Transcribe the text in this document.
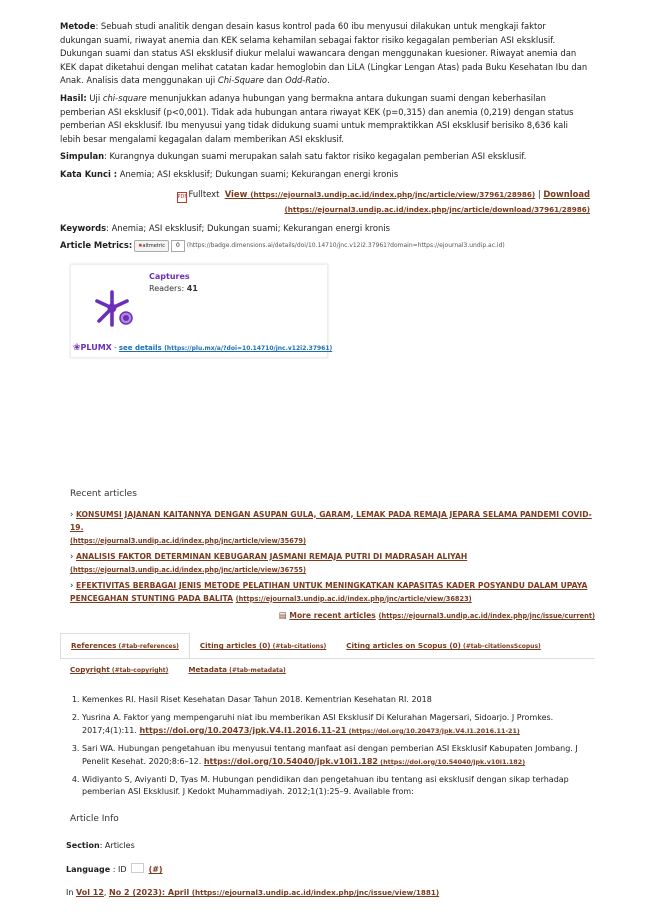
Metode: Sebuah studi analitik dengan desain kasus kontrol pada 60 ibu menyusui dilakukan untuk mengkaji faktor dukungan suami, riwayat anemia dan KEK selama kehamilan sebagai faktor risiko kegagalan pemberian ASI eksklusif. Dukungan suami dan status ASI eksklusif diukur melalui wawancara dengan menggunakan kuesioner. Riwayat anemia dan KEK dapat diketahui dengan melihat catatan kadar hemoglobin dan LiLA (Lingkar Lengan Atas) pada Buku Kesehatan Ibu dan Anak. Analisis data menggunakan uji Chi-Square dan Odd-Ratio.

Hasil: Uji chi-square menunjukkan adanya hubungan yang bermakna antara dukungan suami dengan keberhasilan pemberian ASI eksklusif (p<0,001). Tidak ada hubungan antara riwayat KEK (p=0,315) dan anemia (0,219) dengan status pemberian ASI eksklusif. Ibu menyusui yang tidak didukung suami untuk mempraktikkan ASI eksklusif berisiko 8,636 kali lebih besar mengalami kegagalan dalam memberikan ASI eksklusif.

Simpulan: Kurangnya dukungan suami merupakan salah satu faktor risiko kegagalan pemberian ASI eksklusif.

Kata Kunci : Anemia; ASI eksklusif; Dukungan suami; Kekurangan energi kronis

PDFFulltext View (https://ejournal3.undip.ac.id/index.php/jnc/article/view/37961/28986) | Download
(https://ejournal3.undip.ac.id/index.php/jnc/article/download/37961/28986)

Keywords: Anemia; ASI eksklusif; Dukungan suami; Kekurangan energi kronis

Article Metrics: ✺ altmetric	0	(https://badge.dimensions.ai/details/doi/10.14710/jnc.v12i2.37961?domain=https://ejournal3.undip.ac.id)
Captures
Readers: 41
❀PLUMX - see details (https://plu.mx/a/?doi=10.14710/jnc.v12i2.37961)
Recent articles
› KONSUMSI JAJANAN KAITANNYA DENGAN ASUPAN GULA, GARAM, LEMAK PADA REMAJA JEPARA SELAMA PANDEMI COVID-19.
(https://ejournal3.undip.ac.id/index.php/jnc/article/view/35679)
› ANALISIS FAKTOR DETERMINAN KEBUGARAN JASMANI REMAJA PUTRI DI MADRASAH ALIYAH
(https://ejournal3.undip.ac.id/index.php/jnc/article/view/36755)
› EFEKTIVITAS BERBAGAI JENIS METODE PELATIHAN UNTUK MENINGKATKAN KAPASITAS KADER POSYANDU DALAM UPAYA PENCEGAHAN STUNTING PADA BALITA (https://ejournal3.undip.ac.id/index.php/jnc/article/view/36823)
▤ More recent articles (https://ejournal3.undip.ac.id/index.php/jnc/issue/current)
References (#tab-references)	Citing articles (0) (#tab-citations)	Citing articles on Scopus (0) (#tab-citationsScopus)
Copyright (#tab-copyright)	Metadata (#tab-metadata)
1. Kemenkes RI. Hasil Riset Kesehatan Dasar Tahun 2018. Kementrian Kesehatan RI. 2018
2. Yusrina A. Faktor yang mempengaruhi niat ibu memberikan ASI Eksklusif Di Kelurahan Magersari, Sidoarjo. J Promkes. 2017;4(1):11. https://doi.org/10.20473/jpk.V4.I1.2016.11-21 (https://doi.org/10.20473/jpk.V4.I1.2016.11-21)
3. Sari WA. Hubungan pengetahuan ibu menyusui tentang manfaat asi dengan pemberian ASI Eksklusif Kabupaten Jombang. J Penelit Kesehat. 2020;8:6–12. https://doi.org/10.54040/jpk.v10i1.182 (https://doi.org/10.54040/jpk.v10i1.182)
4. Widiyanto S, Aviyanti D, Tyas M. Hubungan pendidikan dan pengetahuan ibu tentang asi eksklusif dengan sikap terhadap pemberian ASI Eksklusif. J Kedokt Muhammadiyah. 2012;1(1):25–9. Available from:
Article Info

Section: Articles

Language : ID  (#)

In Vol 12, No 2 (2023): April (https://ejournal3.undip.ac.id/index.php/jnc/issue/view/1881)
